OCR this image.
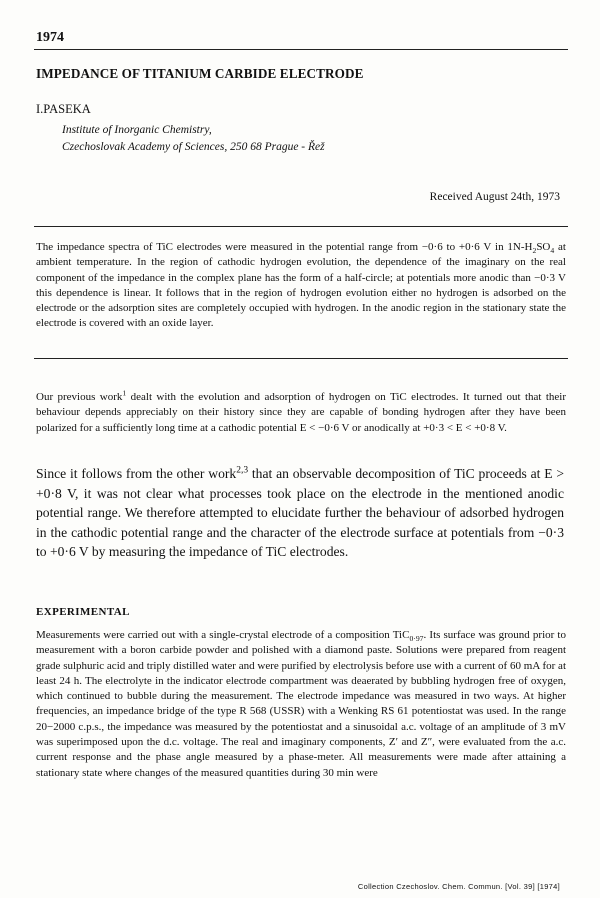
1974
IMPEDANCE OF TITANIUM CARBIDE ELECTRODE
I.PASEKA
Institute of Inorganic Chemistry,
Czechoslovak Academy of Sciences, 250 68 Prague - Řež
Received August 24th, 1973
The impedance spectra of TiC electrodes were measured in the potential range from −0·6 to +0·6 V in $1N-H_2SO_4$ at ambient temperature. In the region of cathodic hydrogen evolution, the dependence of the imaginary on the real component of the impedance in the complex plane has the form of a half-circle; at potentials more anodic than −0·3 V this dependence is linear. It follows that in the region of hydrogen evolution either no hydrogen is adsorbed on the electrode or the adsorption sites are completely occupied with hydrogen. In the anodic region in the stationary state the electrode is covered with an oxide layer.
Our previous work$^1$ dealt with the evolution and adsorption of hydrogen on TiC electrodes. It turned out that their behaviour depends appreciably on their history since they are capable of bonding hydrogen after they have been polarized for a sufficiently long time at a cathodic potential E < −0·6 V or anodically at +0·3 < E < +0·8 V.
Since it follows from the other work$^{2,3}$ that an observable decomposition of TiC proceeds at E > +0·8 V, it was not clear what processes took place on the electrode in the mentioned anodic potential range. We therefore attempted to elucidate further the behaviour of adsorbed hydrogen in the cathodic potential range and the character of the electrode surface at potentials from −0·3 to +0·6 V by measuring the impedance of TiC electrodes.
EXPERIMENTAL
Measurements were carried out with a single-crystal electrode of a composition TiC$_{0\cdot 97}$. Its surface was ground prior to measurement with a boron carbide powder and polished with a diamond paste. Solutions were prepared from reagent grade sulphuric acid and triply distilled water and were purified by electrolysis before use with a current of 60 mA for at least 24 h. The electrolyte in the indicator electrode compartment was deaerated by bubbling hydrogen free of oxygen, which continued to bubble during the measurement. The electrode impedance was measured in two ways. At higher frequencies, an impedance bridge of the type R 568 (USSR) with a Wenking RS 61 potentiostat was used. In the range 20−2000 c.p.s., the impedance was measured by the potentiostat and a sinusoidal a.c. voltage of an amplitude of 3 mV was superimposed upon the d.c. voltage. The real and imaginary components, Z′ and Z″, were evaluated from the a.c. current response and the phase angle measured by a phase-meter. All measurements were made after attaining a stationary state where changes of the measured quantities during 30 min were
Collection Czechoslov. Chem. Commun. [Vol. 39] [1974]
